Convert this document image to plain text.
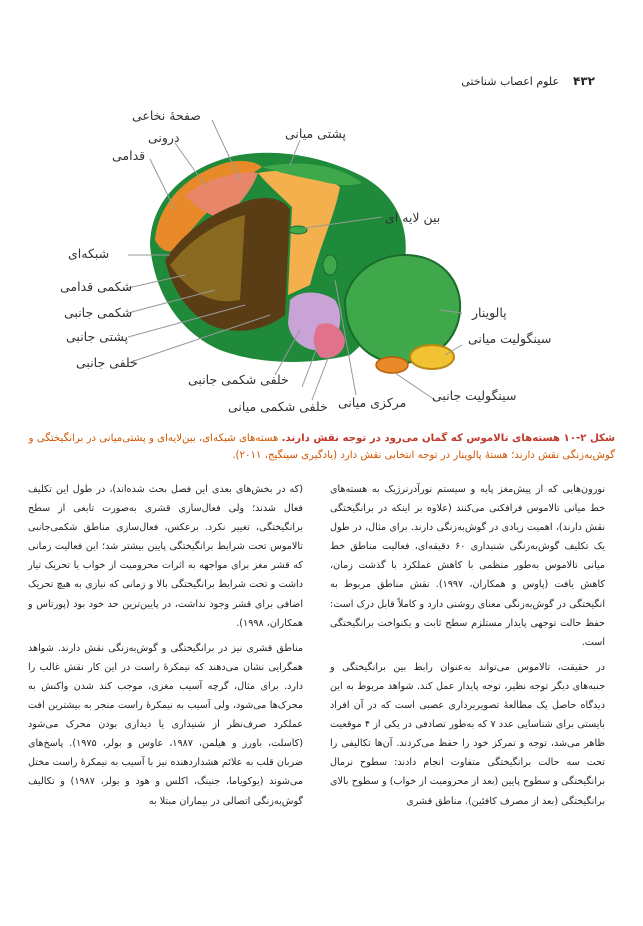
۴۳۲
علوم اعصاب شناختی
صفحهٔ نخاعی
درونی
قدامی
پشتی میانی
بین لایه ای
شبکه‌ای
شکمی قدامی
شکمی جانبی
پشتی جانبی
خلفی جانبی
خلفی شکمی جانبی
خلفی شکمی میانی مرکزی میانی
پالوینار
سینگولیت میانی
سینگولیت جانبی
شکل ۲-۱۰ هسته‌های تالاموس که گمان می‌رود در توجه نقش دارند. هسته‌های شبکه‌ای، بین‌لایه‌ای و پشتی‌میانی در برانگیختگی و گوش‌به‌زنگی نقش دارند؛ هستهٔ پالوینار در توجه انتخابی نقش دارد (یادگیری سینگیج، ۲۰۱۱).

نورون‌هایی که از پیش‌مغز پایه و سیستم نورآدرنرژیک به هسته‌های خط میانی تالاموس فرافکنی می‌کنند (علاوه بر اینکه در برانگیختگی نقش دارند)، اهمیت زیادی در گوش‌به‌زنگی دارند. برای مثال، در طول یک تکلیف گوش‌به‌زنگی شنیداری ۶۰ دقیقه‌ای، فعالیت مناطق خط میانی تالاموس به‌طور منظمی با کاهش عملکرد با گذشت زمان، کاهش یافت (پاوس و همکاران، ۱۹۹۷). نقش مناطق مربوط به انگیختگی در گوش‌به‌زنگی معنای روشنی دارد و کاملاً قابل درک است: حفظ حالت توجهی پایدار مستلزم سطح ثابت و یکنواخت برانگیختگی است.

در حقیقت، تالاموس می‌تواند به‌عنوان رابط بین برانگیختگی و جنبه‌های دیگر توجه نظیر، توجه پایدار عمل کند. شواهد مربوط به این دیدگاه حاصل یک مطالعهٔ تصویربرداری عصبی است که در آن افراد بایستی برای شناسایی عدد ۷ که به‌طور تصادفی در یکی از ۴ موقعیت ظاهر می‌شد، توجه و تمرکز خود را حفظ می‌کردند. آن‌ها تکالیفی را تحت سه حالت برانگیختگی متفاوت انجام دادند: سطوح نرمال برانگیختگی و سطوح پایین (بعد از محرومیت از خواب) و سطوح بالای برانگیختگی (بعد از مصرف کافئین). مناطق قشری

(که در بخش‌های بعدی این فصل بحث شده‌اند)، در طول این تکلیف فعال شدند؛ ولی فعال‌سازی قشری به‌صورت تابعی از سطح برانگیختگی، تغییر نکرد. برعکس، فعال‌سازی مناطق شکمی‌جانبی تالاموس تحت شرایط برانگیختگی پایین بیشتر شد؛ این فعالیت زمانی که قشر مغز برای مواجهه به اثرات محرومیت از خواب یا تحریک تیار داشت و تحت شرایط برانگیختگی بالا و زمانی که نیازی به هیچ تحریک اضافی برای قشر وجود نداشت، در پایین‌ترین حد خود بود (پورتاس و همکاران، ۱۹۹۸).

مناطق قشری نیز در برانگیختگی و گوش‌به‌زنگی نقش دارند. شواهد همگرایی نشان می‌دهند که نیمکرهٔ راست در این کار نقش غالب را دارد. برای مثال، گرچه آسیب مغزی، موجب کند شدن واکنش به محرک‌ها می‌شود، ولی آسیب به نیمکرهٔ راست منجر به بیشترین افت عملکرد صرف‌نظر از شنیداری یا دیداری بودن محرک می‌شود (کاسلت، باورز و هیلمن، ۱۹۸۷، عاوس و بولر، ۱۹۷۵). پاسخ‌های ضربان قلب به علائم هشداردهنده نیز با آسیب به نیمکرهٔ راست مختل می‌شوند (یوکویاما، جنینگ، اکلس و هود و بولر، ۱۹۸۷) و تکالیف گوش‌به‌زنگی اتصالی در بیماران مبتلا به
